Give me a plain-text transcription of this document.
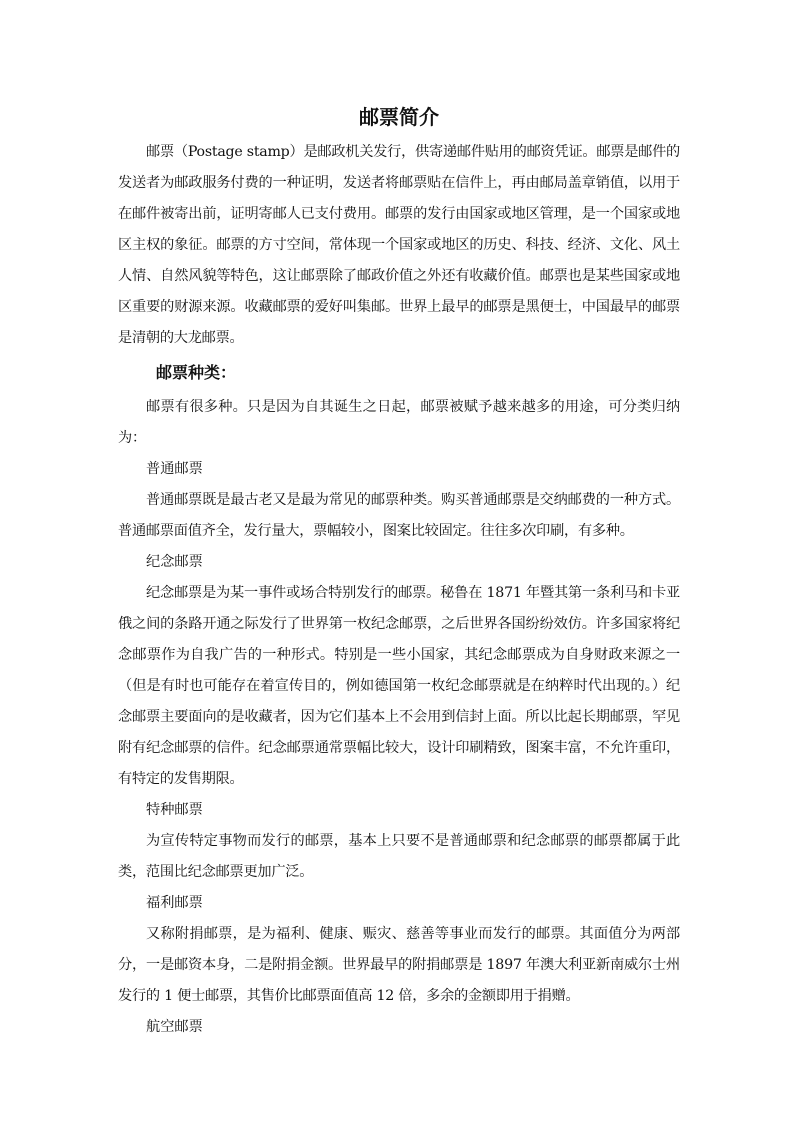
邮票简介

邮票（Postage stamp）是邮政机关发行，供寄递邮件贴用的邮资凭证。邮票是邮件的发送者为邮政服务付费的一种证明，发送者将邮票贴在信件上，再由邮局盖章销值，以用于在邮件被寄出前，证明寄邮人已支付费用。邮票的发行由国家或地区管理，是一个国家或地区主权的象征。邮票的方寸空间，常体现一个国家或地区的历史、科技、经济、文化、风土人情、自然风貌等特色，这让邮票除了邮政价值之外还有收藏价值。邮票也是某些国家或地区重要的财源来源。收藏邮票的爱好叫集邮。世界上最早的邮票是黑便士，中国最早的邮票是清朝的大龙邮票。

邮票种类：

邮票有很多种。只是因为自其诞生之日起，邮票被赋予越来越多的用途，可分类归纳为：

普通邮票

普通邮票既是最古老又是最为常见的邮票种类。购买普通邮票是交纳邮费的一种方式。普通邮票面值齐全，发行量大，票幅较小，图案比较固定。往往多次印刷，有多种。

纪念邮票

纪念邮票是为某一事件或场合特别发行的邮票。秘鲁在 1871 年暨其第一条利马和卡亚俄之间的条路开通之际发行了世界第一枚纪念邮票，之后世界各国纷纷效仿。许多国家将纪念邮票作为自我广告的一种形式。特别是一些小国家，其纪念邮票成为自身财政来源之一（但是有时也可能存在着宣传目的，例如德国第一枚纪念邮票就是在纳粹时代出现的。）纪念邮票主要面向的是收藏者，因为它们基本上不会用到信封上面。所以比起长期邮票，罕见附有纪念邮票的信件。纪念邮票通常票幅比较大，设计印刷精致，图案丰富，不允许重印，有特定的发售期限。

特种邮票

为宣传特定事物而发行的邮票，基本上只要不是普通邮票和纪念邮票的邮票都属于此类，范围比纪念邮票更加广泛。

福利邮票

又称附捐邮票，是为福利、健康、赈灾、慈善等事业而发行的邮票。其面值分为两部分，一是邮资本身，二是附捐金额。世界最早的附捐邮票是 1897 年澳大利亚新南威尔士州发行的 1 便士邮票，其售价比邮票面值高 12 倍，多余的金额即用于捐赠。

航空邮票
